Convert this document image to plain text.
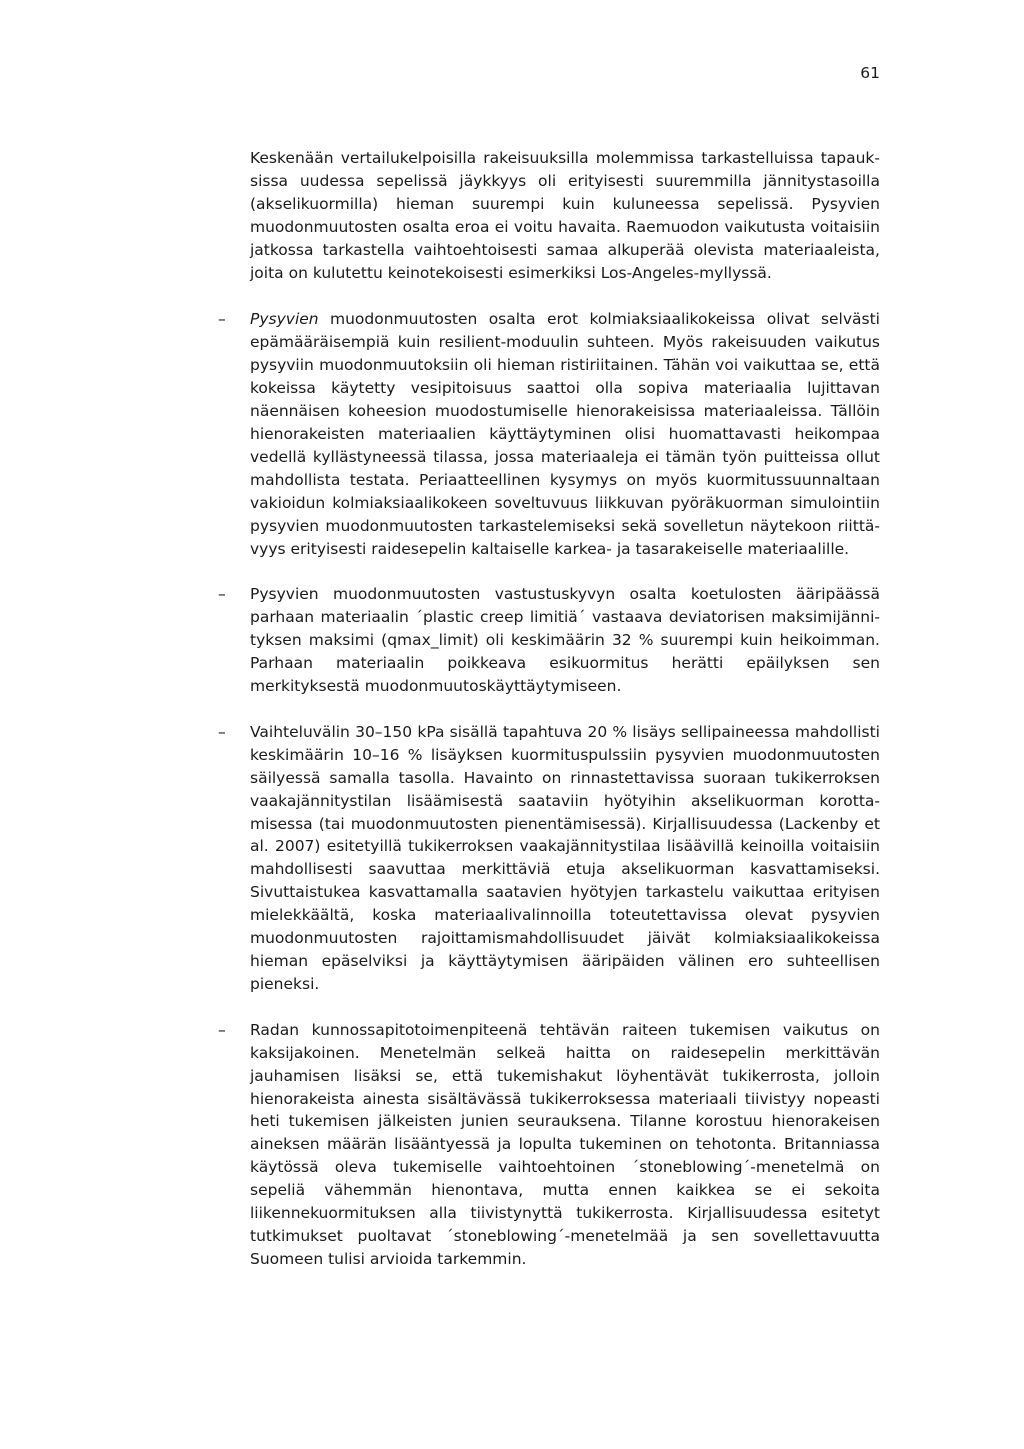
61

Keskenään vertailukelpoisilla rakeisuuksilla molemmissa tarkastelluissa tapauksissa uudessa sepelissä jäykkyys oli erityisesti suuremmilla jännitystasoilla (akselikuormilla) hieman suurempi kuin kuluneessa sepelissä. Pysyvien muodonmuutosten osalta eroa ei voitu havaita. Raemuodon vaikutusta voitaisiin jatkossa tarkastella vaihtoehtoisesti samaa alkuperää olevista materiaaleista, joita on kulutettu keinotekoisesti esimerkiksi Los-Angeles-myllyssä.

– Pysyvien muodonmuutosten osalta erot kolmiaksiaalikokeissa olivat selvästi epämääräisempiä kuin resilient-moduulin suhteen. Myös rakeisuuden vaikutus pysyviin muodonmuutoksiin oli hieman ristiriitainen. Tähän voi vaikuttaa se, että kokeissa käytetty vesipitoisuus saattoi olla sopiva materiaalia lujittavan näennäisen koheesion muodostumiselle hienorakeisissa materiaaleissa. Tällöin hienorakeisten materiaalien käyttäytyminen olisi huomattavasti heikompaa vedellä kyllästyneessä tilassa, jossa materiaaleja ei tämän työn puitteissa ollut mahdollista testata. Periaatteellinen kysymys on myös kuormitussuunnaltaan vakioidun kolmiaksiaalikokeen soveltuvuus liikkuvan pyöräkuorman simulointiin pysyvien muodonmuutosten tarkastelemiseksi sekä sovelletun näytekoon riittävyys erityisesti raidesepelin kaltaiselle karkea- ja tasarakeiselle materiaalille.

– Pysyvien muodonmuutosten vastustuskyvyn osalta koetulosten ääripäässä parhaan materiaalin ´plastic creep limitiä´ vastaava deviatorisen maksimijännityksen maksimi (qmax_limit) oli keskimäärin 32 % suurempi kuin heikoimman. Parhaan materiaalin poikkeava esikuormitus herätti epäilyksen sen merkityksestä muodonmuutoskäyttäytymiseen.

– Vaihteluvälin 30–150 kPa sisällä tapahtuva 20 % lisäys sellipaineessa mahdollisti keskimäärin 10–16 % lisäyksen kuormituspulssiin pysyvien muodonmuutosten säilyessä samalla tasolla. Havainto on rinnastettavissa suoraan tukikerroksen vaakajännitystilan lisäämisestä saataviin hyötyihin akselikuorman korottamisessa (tai muodonmuutosten pienentämisessä). Kirjallisuudessa (Lackenby et al. 2007) esitetyillä tukikerroksen vaakajännitystilaa lisäävillä keinoilla voitaisiin mahdollisesti saavuttaa merkittäviä etuja akselikuorman kasvattamiseksi. Sivuttaistukea kasvattamalla saatavien hyötyjen tarkastelu vaikuttaa erityisen mielekkäältä, koska materiaalivalinnoilla toteutettavissa olevat pysyvien muodonmuutosten rajoittamismahdollisuudet jäivät kolmiaksiaalikokeissa hieman epäselviksi ja käyttäytymisen ääripäiden välinen ero suhteellisen pieneksi.

– Radan kunnossapitotoimenpiteenä tehtävän raiteen tukemisen vaikutus on kaksijakoinen. Menetelmän selkeä haitta on raidesepelin merkittävän jauhamisen lisäksi se, että tukemishakut löyhentävät tukikerrosta, jolloin hienorakeista ainesta sisältävässä tukikerroksessa materiaali tiivistyy nopeasti heti tukemisen jälkeisten junien seurauksena. Tilanne korostuu hienorakeisen aineksen määrän lisääntyessä ja lopulta tukeminen on tehotonta. Britanniassa käytössä oleva tukemiselle vaihtoehtoinen ´stoneblowing´-menetelmä on sepeliä vähemmän hienontava, mutta ennen kaikkea se ei sekoita liikennekuormituksen alla tiivistynyttä tukikerrosta. Kirjallisuudessa esitetyt tutkimukset puoltavat ´stoneblowing´-menetelmää ja sen sovellettavuutta Suomeen tulisi arvioida tarkemmin.
